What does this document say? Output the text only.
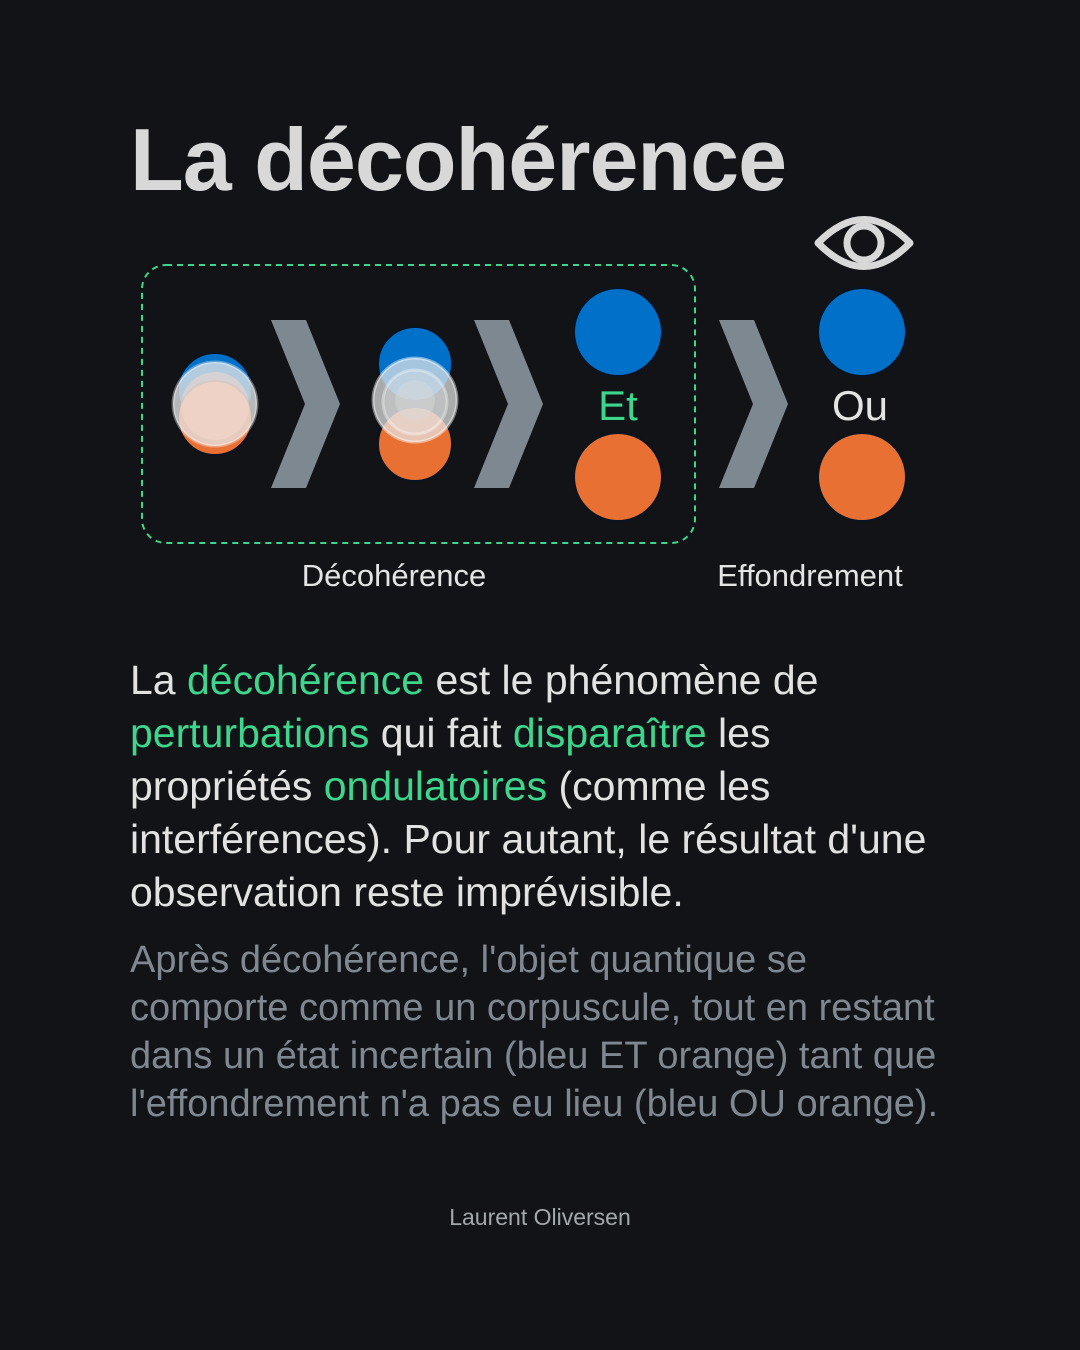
La décohérence
Et	Ou
Décohérence	Effondrement

La décohérence est le phénomène de perturbations qui fait disparaître les propriétés ondulatoires (comme les interférences). Pour autant, le résultat d'une observation reste imprévisible.

Après décohérence, l'objet quantique se comporte comme un corpuscule, tout en restant dans un état incertain (bleu ET orange) tant que l'effondrement n'a pas eu lieu (bleu OU orange).

Laurent Oliversen
